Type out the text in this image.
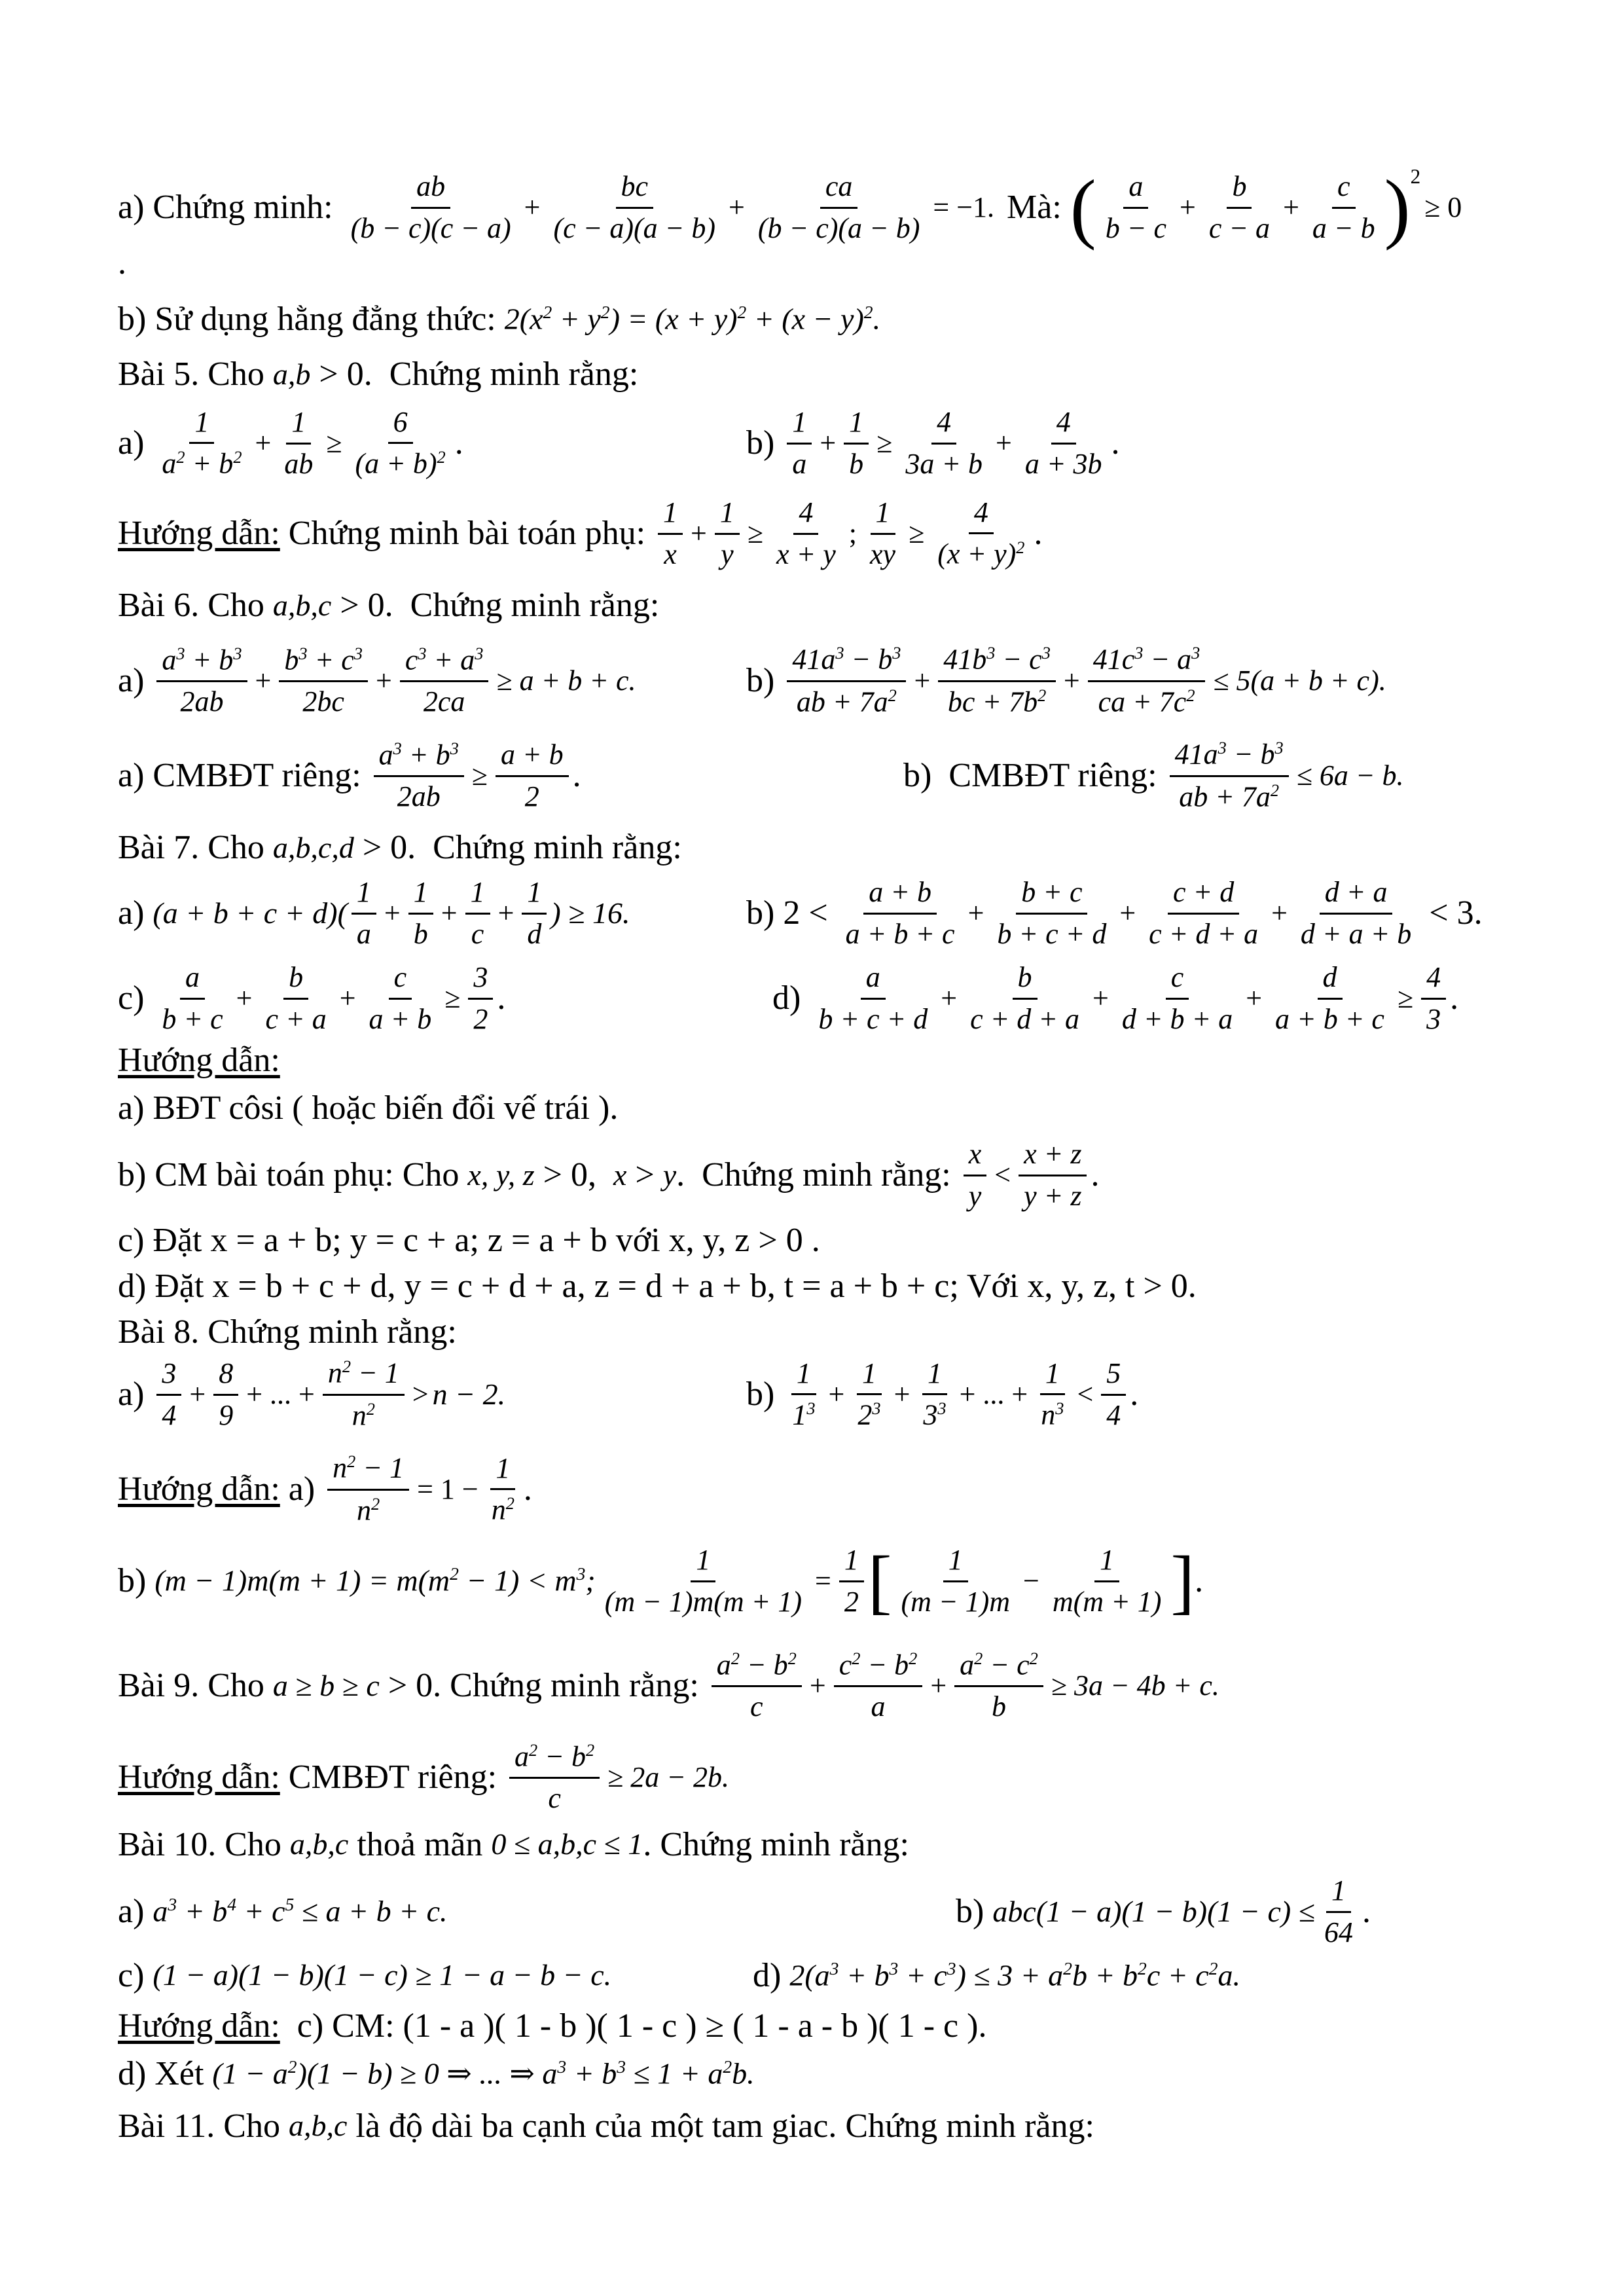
a) Chứng minh: $\frac{ab}{(b - c)(c - a)} + \frac{bc}{(c - a)(a - b)} + \frac{ca}{(b - c)(a - b)} = -1$. Mà: ( $\frac{a}{b - c} + \frac{b}{c - a} + \frac{c}{a - b} )^2$
≥ 0
.
b) Sử dụng hằng đẳng thức: $2(x^2 + y^2) = (x + y)^2 + (x - y)^2$.
Bài 5. Cho a,b > 0.  Chứng minh rằng:
$a) \frac{1}{a^2 + b^2} + \frac{1}{ab} \ge \frac{6}{(a + b)^2}$ .	$b) \frac{1}{a} + \frac{1}{b} \ge \frac{4}{3a + b} + \frac{4}{a + 3b}$ .
Hướng dẫn: Chứng minh bài toán phụ: $\frac{1}{x} + \frac{1}{y} \ge \frac{4}{x + y}$ ; $\frac{1}{xy} \ge \frac{4}{(x + y)^2}$ .
Bài 6. Cho a,b,c > 0.  Chứng minh rằng:
$a) \frac{a^3 + b^3}{2ab} + \frac{b^3 + c^3}{2bc} + \frac{c^3 + a^3}{2ca} \ge a + b + c$.	$b) \frac{41a^3 - b^3}{ab + 7a^2} + \frac{41b^3 - c^3}{bc + 7b^2} + \frac{41c^3 - a^3}{ca + 7c^2} \le 5(a + b + c)$.
a) CMBĐT riêng: $\frac{a^3 + b^3}{2ab} \ge \frac{a + b}{2}$ .	b)  CMBĐT riêng: $\frac{41a^3 - b^3}{ab + 7a^2} \le 6a - b$.
Bài 7. Cho a,b,c,d > 0.  Chứng minh rằng:
a) $(a + b + c + d)( \frac{1}{a} + \frac{1}{b} + \frac{1}{c} + \frac{1}{d}$ ) ≥ 16.	b) $2 < \frac{a + b}{a + b + c} + \frac{b + c}{b + c + d} + \frac{c + d}{c + d + a} + \frac{d + a}{d + a + b} < 3$.
$c) \frac{a}{b + c} + \frac{b}{c + a} + \frac{c}{a + b} \ge \frac{3}{2}$ .	$d) \frac{a}{b + c + d} + \frac{b}{c + d + a} + \frac{c}{d + b + a} + \frac{d}{a + b + c} \ge \frac{4}{3}$ .
Hướng dẫn:
a) BĐT côsi ( hoặc biến đổi vế trái ).
b) CM bài toán phụ: Cho x, y, z > 0, x > y .  Chứng minh rằng: $\frac{x}{y} < \frac{x + z}{y + z}$ .
c) Đặt x = a + b; y = c + a; z = a + b với x, y, z > 0 .
d) Đặt x = b + c + d, y = c + d + a, z = d + a + b, t = a + b + c; Với x, y, z, t > 0.
Bài 8. Chứng minh rằng:
$a) \frac{3}{4} + \frac{8}{9}$ + ... + $\frac{n^2 - 1}{n^2} > n - 2$.	$b) \frac{1}{1^3} + \frac{1}{2^3} + \frac{1}{3^3}$ + ... + $\frac{1}{n^3} < \frac{5}{4}$ .
Hướng dẫn: $a) \frac{n^2 - 1}{n^2} = 1 - \frac{1}{n^2}$ .
b) $(m - 1)m(m + 1) = m(m^2 - 1) < m^3$; $\frac{1}{(m - 1)m(m + 1)} = \frac{1}{2}$ [ $\frac{1}{(m - 1)m} - \frac{1}{m(m + 1)}$ ] .
Bài 9. Cho a ≥ b ≥ c > 0. Chứng minh rằng: $\frac{a^2 - b^2}{c} + \frac{c^2 - b^2}{a} + \frac{a^2 - c^2}{b} \ge 3a - 4b + c$.
Hướng dẫn: CMBĐT riêng: $\frac{a^2 - b^2}{c} \ge 2a - 2b$.
Bài 10. Cho a,b,c thoả mãn 0 ≤ a,b,c ≤ 1 . Chứng minh rằng:
a) $a^3 + b^4 + c^5 \le a + b + c$.	b) $abc(1 - a)(1 - b)(1 - c) \le \frac{1}{64}$ .
c) (1 − a)(1 − b)(1 − c) ≥ 1 − a − b − c.	d) $2(a^3 + b^3 + c^3) \le 3 + a^2b + b^2c + c^2a$.
Hướng dẫn: c) CM: (1 - a )( 1 - b )( 1 - c ) ≥ ( 1 - a - b )( 1 - c ).
d) Xét $(1 - a^2)(1 - b) \ge 0$ ⇒ ... ⇒ $a^3 + b^3 \le 1 + a^2b$.
Bài 11. Cho a,b,c là độ dài ba cạnh của một tam giac. Chứng minh rằng:
